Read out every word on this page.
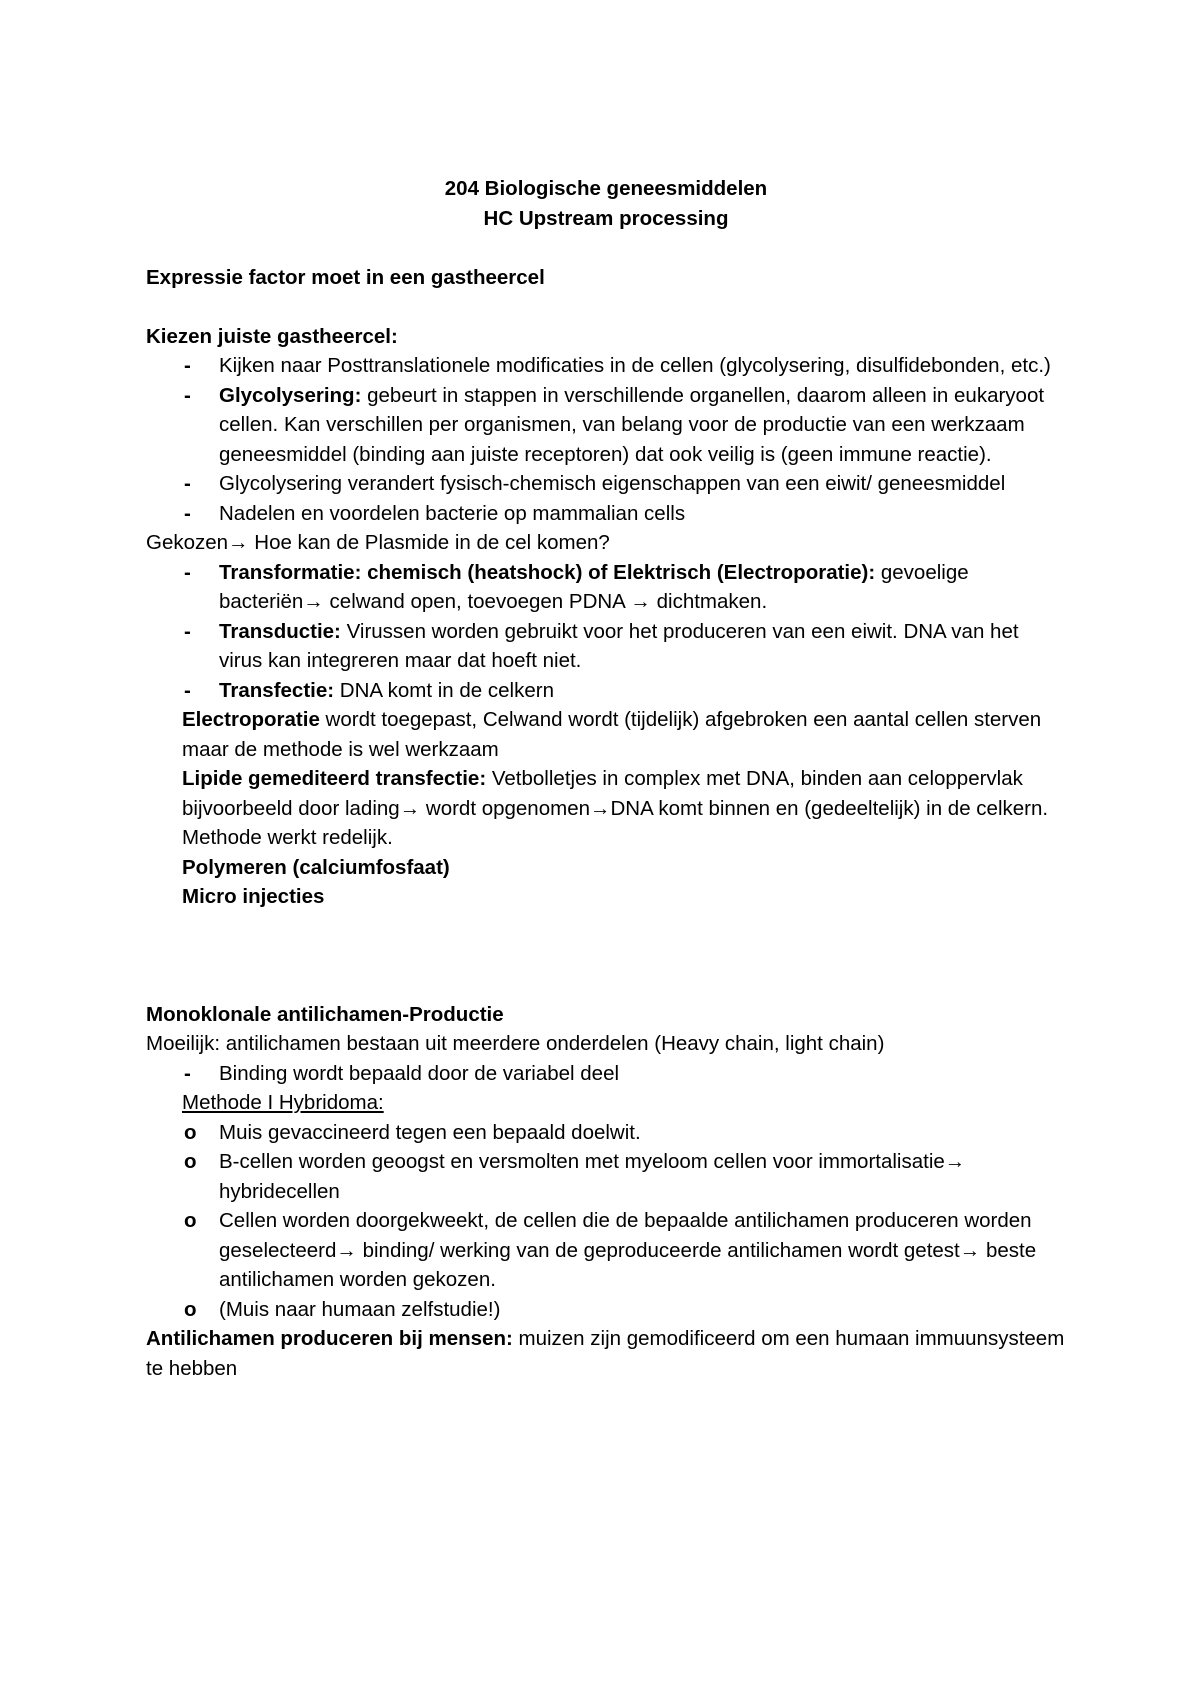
204 Biologische geneesmiddelen
HC Upstream processing
Expressie factor moet in een gastheercel
Kiezen juiste gastheercel:
- Kijken naar Posttranslationele modificaties in de cellen (glycolysering, disulfidebonden, etc.)
- Glycolysering: gebeurt in stappen in verschillende organellen, daarom alleen in eukaryoot cellen. Kan verschillen per organismen, van belang voor de productie van een werkzaam geneesmiddel (binding aan juiste receptoren) dat ook veilig is (geen immune reactie).
- Glycolysering verandert fysisch-chemisch eigenschappen van een eiwit/ geneesmiddel
- Nadelen en voordelen bacterie op mammalian cells
Gekozen→ Hoe kan de Plasmide in de cel komen?
- Transformatie: chemisch (heatshock) of Elektrisch (Electroporatie): gevoelige bacteriën→ celwand open, toevoegen PDNA → dichtmaken.
- Transductie: Virussen worden gebruikt voor het produceren van een eiwit. DNA van het virus kan integreren maar dat hoeft niet.
- Transfectie: DNA komt in de celkern
Electroporatie wordt toegepast, Celwand wordt (tijdelijk) afgebroken een aantal cellen sterven maar de methode is wel werkzaam
Lipide gemediteerd transfectie: Vetbolletjes in complex met DNA, binden aan celoppervlak bijvoorbeeld door lading→ wordt opgenomen→DNA komt binnen en (gedeeltelijk) in de celkern. Methode werkt redelijk.
Polymeren (calciumfosfaat)
Micro injecties
Monoklonale antilichamen-Productie
Moeilijk: antilichamen bestaan uit meerdere onderdelen (Heavy chain, light chain)
- Binding wordt bepaald door de variabel deel
Methode I Hybridoma:
o Muis gevaccineerd tegen een bepaald doelwit.
o B-cellen worden geoogst en versmolten met myeloom cellen voor immortalisatie→ hybridecellen
o Cellen worden doorgekweekt, de cellen die de bepaalde antilichamen produceren worden geselecteerd→ binding/ werking van de geproduceerde antilichamen wordt getest→ beste antilichamen worden gekozen.
o (Muis naar humaan zelfstudie!)
Antilichamen produceren bij mensen: muizen zijn gemodificeerd om een humaan immuunsysteem te hebben
